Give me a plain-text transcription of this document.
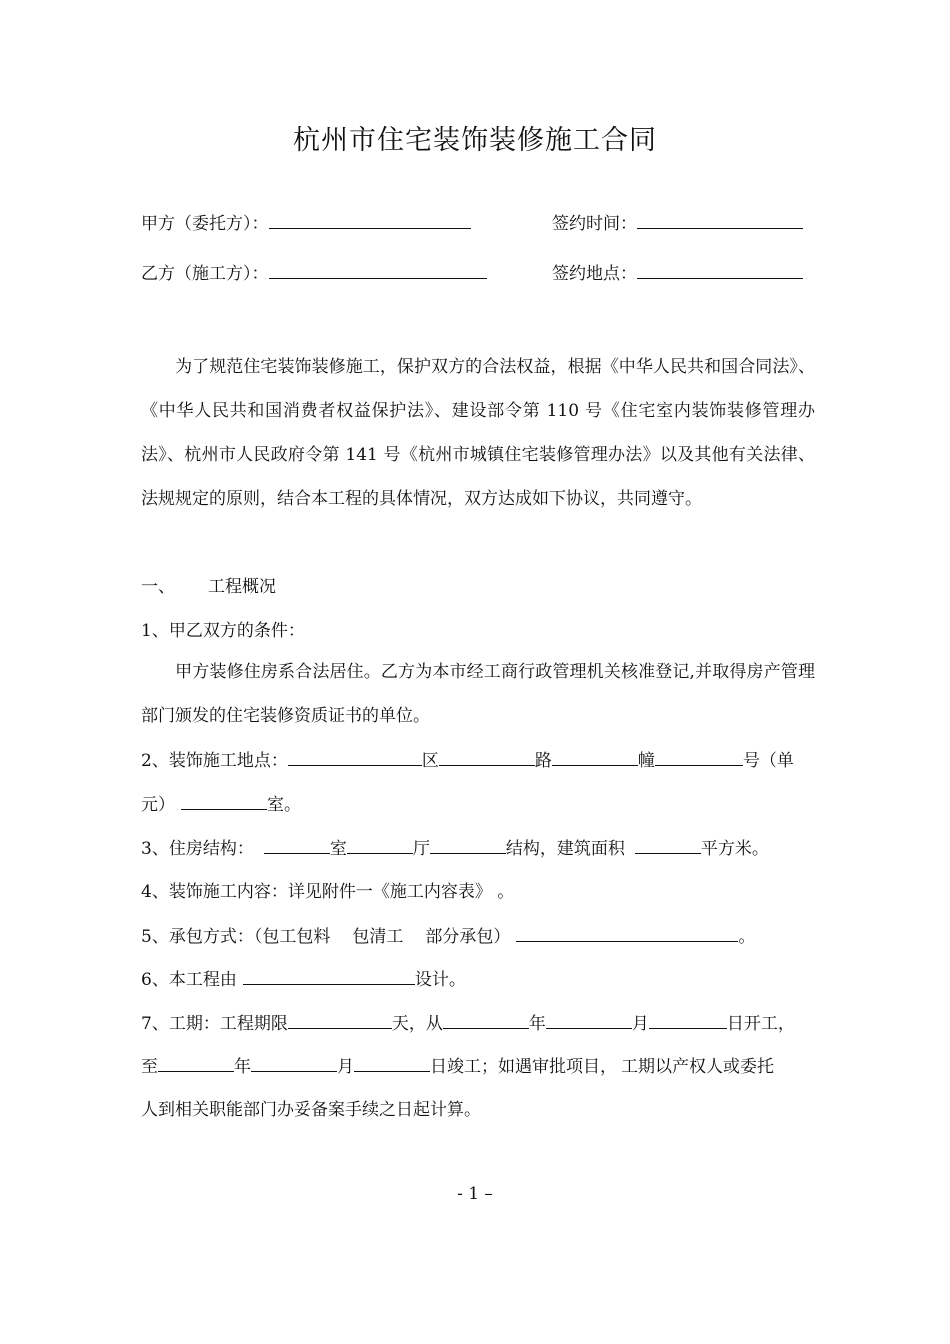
杭州市住宅装饰装修施工合同
甲方（委托方）：	签约时间：
乙方（施工方）：	签约地点：
为了规范住宅装饰装修施工，保护双方的合法权益，根据《中华人民共和国合同法》、《中华人民共和国消费者权益保护法》、建设部令第 110 号《住宅室内装饰装修管理办法》、杭州市人民政府令第 141 号《杭州市城镇住宅装修管理办法》以及其他有关法律、法规规定的原则，结合本工程的具体情况，双方达成如下协议，共同遵守。
一、 工程概况
1、甲乙双方的条件：
甲方装修住房系合法居住。乙方为本市经工商行政管理机关核准登记,并取得房产管理部门颁发的住宅装修资质证书的单位。
2、装饰施工地点：	区	路	幢	号（单
元）	室。
3、住房结构：	室	厅	结构，建筑面积	平方米。
4、装饰施工内容：详见附件一《施工内容表》 。
5、承包方式：（包工包料 包清工 部分承包）	。
6、本工程由	设计。
7、工期：工程期限	天，从	年	月	日开工，
至	年	月	日竣工；如遇审批项目， 工期以产权人或委托
人到相关职能部门办妥备案手续之日起计算。
- 1 –
